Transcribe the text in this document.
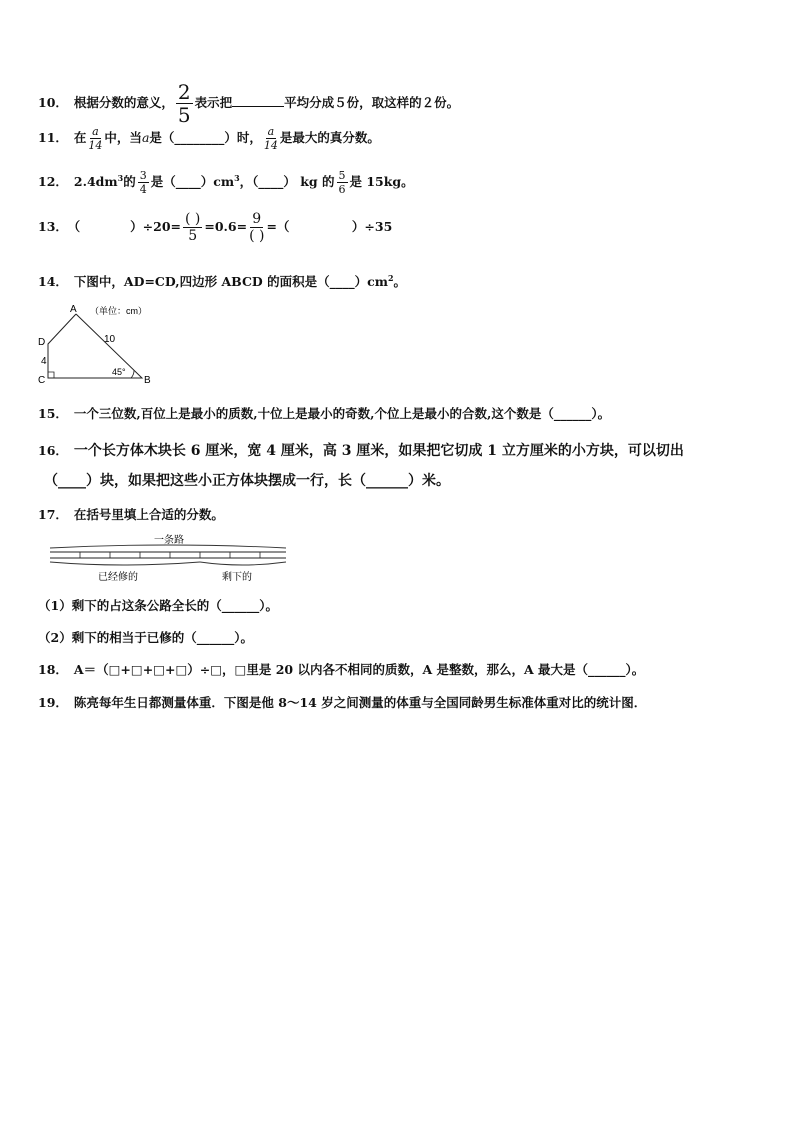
10． 根据分数的意义， $\frac{2}{5}$ 表示把	平均分成５份，取这样的２份。
11． 在 $\frac{a}{14}$ 中，当a是（________）时， $\frac{a}{14}$ 是最大的真分数。
12． $2.4dm^3$的 $\frac{3}{4}$ 是$(\_\_\_\_)cm^3$，（____） kg 的 $\frac{5}{6}$ 是 15kg。
13． （　　　　）$\div 20= \frac{( )}{5} =0.6= \frac{9}{( )}$ =（　　　　　）÷35
14． 下图中，AD=CD,四边形 ABCD 的面积是$(\_\_\_\_)cm^2$。
A
D
C	B
（单位：cm）
10
4
45°
15． 一个三位数,百位上是最小的质数,十位上是最小的奇数,个位上是最小的合数,这个数是（______）。
16． 一个长方体木块长 6 厘米，宽 4 厘米，高 3 厘米，如果把它切成 1 立方厘米的小方块，可以切出
（____）块，如果把这些小正方体块摆成一行，长（______）米。
17． 在括号里填上合适的分数。
一条路
已经修的	剩下的
（1）剩下的占这条公路全长的（______）。
（2）剩下的相当于已修的（______）。
18． A＝（□+□+□+□）÷□，□里是 20 以内各不相同的质数，A 是整数，那么，A 最大是（______）。
19． 陈亮每年生日都测量体重．下图是他 8～14 岁之间测量的体重与全国同龄男生标准体重对比的统计图．
